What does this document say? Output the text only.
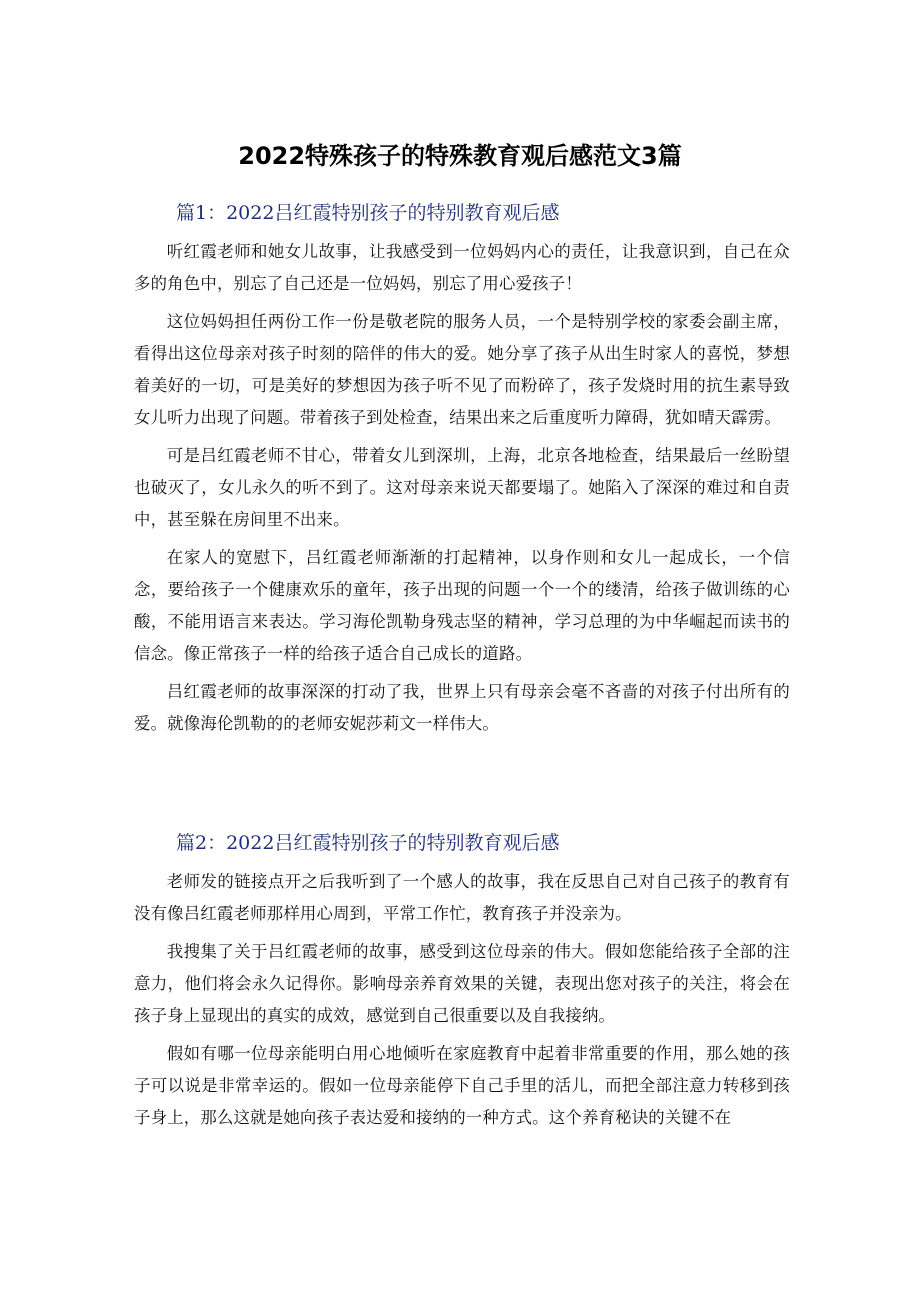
2022特殊孩子的特殊教育观后感范文3篇
篇1：2022吕红霞特别孩子的特别教育观后感

听红霞老师和她女儿故事，让我感受到一位妈妈内心的责任，让我意识到，自己在众多的角色中，别忘了自己还是一位妈妈，别忘了用心爱孩子！

这位妈妈担任两份工作一份是敬老院的服务人员，一个是特别学校的家委会副主席，看得出这位母亲对孩子时刻的陪伴的伟大的爱。她分享了孩子从出生时家人的喜悦，梦想着美好的一切，可是美好的梦想因为孩子听不见了而粉碎了，孩子发烧时用的抗生素导致女儿听力出现了问题。带着孩子到处检查，结果出来之后重度听力障碍，犹如晴天霹雳。

可是吕红霞老师不甘心，带着女儿到深圳，上海，北京各地检查，结果最后一丝盼望也破灭了，女儿永久的听不到了。这对母亲来说天都要塌了。她陷入了深深的难过和自责中，甚至躲在房间里不出来。

在家人的宽慰下，吕红霞老师渐渐的打起精神，以身作则和女儿一起成长，一个信念，要给孩子一个健康欢乐的童年，孩子出现的问题一个一个的缕清，给孩子做训练的心酸，不能用语言来表达。学习海伦凯勒身残志坚的精神，学习总理的为中华崛起而读书的信念。像正常孩子一样的给孩子适合自己成长的道路。

吕红霞老师的故事深深的打动了我，世界上只有母亲会毫不吝啬的对孩子付出所有的爱。就像海伦凯勒的的老师安妮莎莉文一样伟大。

篇2：2022吕红霞特别孩子的特别教育观后感

老师发的链接点开之后我听到了一个感人的故事，我在反思自己对自己孩子的教育有没有像吕红霞老师那样用心周到，平常工作忙，教育孩子并没亲为。

我搜集了关于吕红霞老师的故事，感受到这位母亲的伟大。假如您能给孩子全部的注意力，他们将会永久记得你。影响母亲养育效果的关键，表现出您对孩子的关注，将会在孩子身上显现出的真实的成效，感觉到自己很重要以及自我接纳。

假如有哪一位母亲能明白用心地倾听在家庭教育中起着非常重要的作用，那么她的孩子可以说是非常幸运的。假如一位母亲能停下自己手里的活儿，而把全部注意力转移到孩子身上，那么这就是她向孩子表达爱和接纳的一种方式。这个养育秘诀的关键不在
